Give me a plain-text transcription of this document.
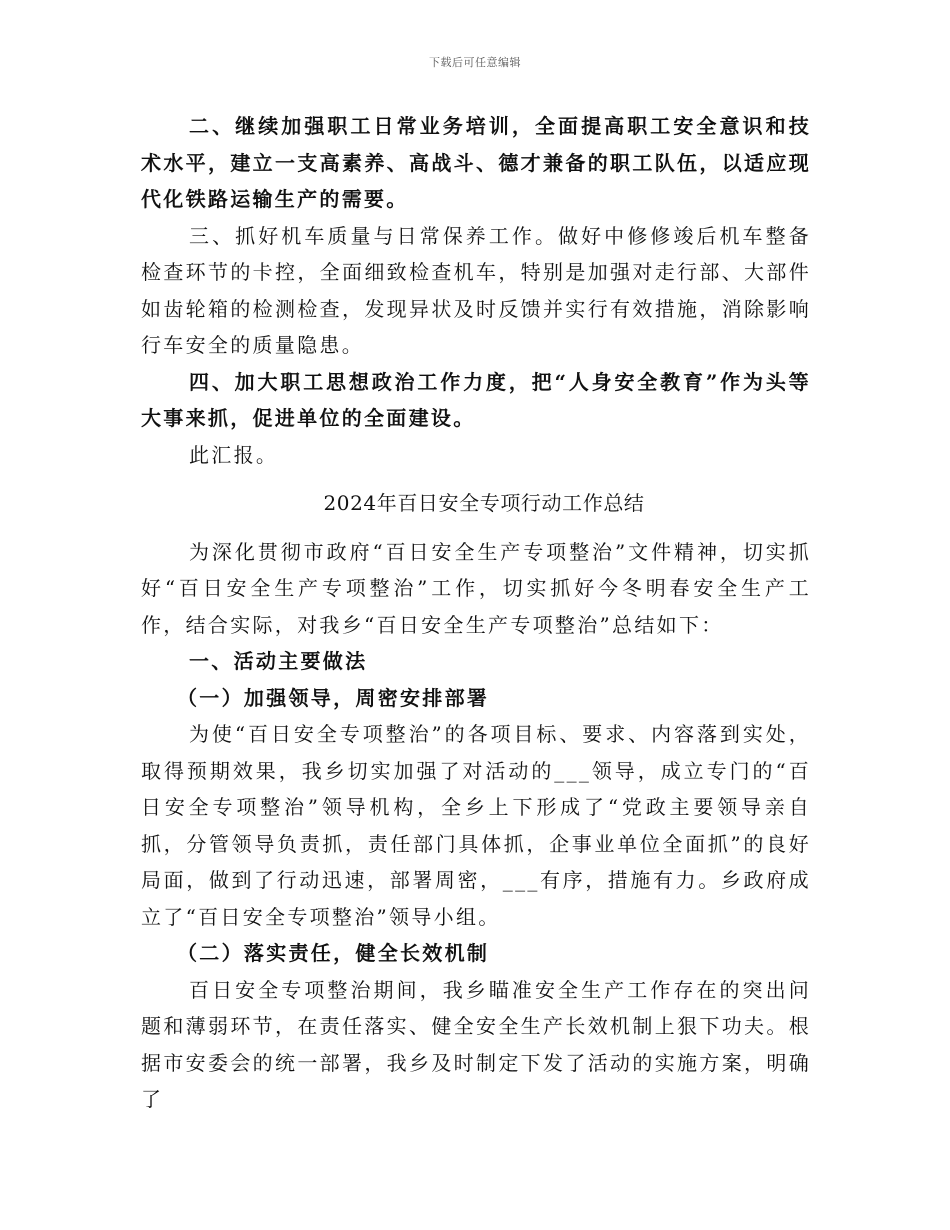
下载后可任意编辑

二、继续加强职工日常业务培训，全面提高职工安全意识和技术水平，建立一支高素养、高战斗、德才兼备的职工队伍，以适应现代化铁路运输生产的需要。

三、抓好机车质量与日常保养工作。做好中修修竣后机车整备检查环节的卡控，全面细致检查机车，特别是加强对走行部、大部件如齿轮箱的检测检查，发现异状及时反馈并实行有效措施，消除影响行车安全的质量隐患。

四、加大职工思想政治工作力度，把“人身安全教育”作为头等大事来抓，促进单位的全面建设。

此汇报。

2024年百日安全专项行动工作总结

为深化贯彻市政府“百日安全生产专项整治”文件精神，切实抓好“百日安全生产专项整治”工作，切实抓好今冬明春安全生产工作，结合实际，对我乡“百日安全生产专项整治”总结如下：

一、活动主要做法

（一）加强领导，周密安排部署

为使“百日安全专项整治”的各项目标、要求、内容落到实处，取得预期效果，我乡切实加强了对活动的___领导，成立专门的“百日安全专项整治”领导机构，全乡上下形成了“党政主要领导亲自抓，分管领导负责抓，责任部门具体抓，企事业单位全面抓”的良好局面，做到了行动迅速，部署周密，___有序，措施有力。乡政府成立了“百日安全专项整治”领导小组。

（二）落实责任，健全长效机制

百日安全专项整治期间，我乡瞄准安全生产工作存在的突出问题和薄弱环节，在责任落实、健全安全生产长效机制上狠下功夫。根据市安委会的统一部署，我乡及时制定下发了活动的实施方案，明确了
